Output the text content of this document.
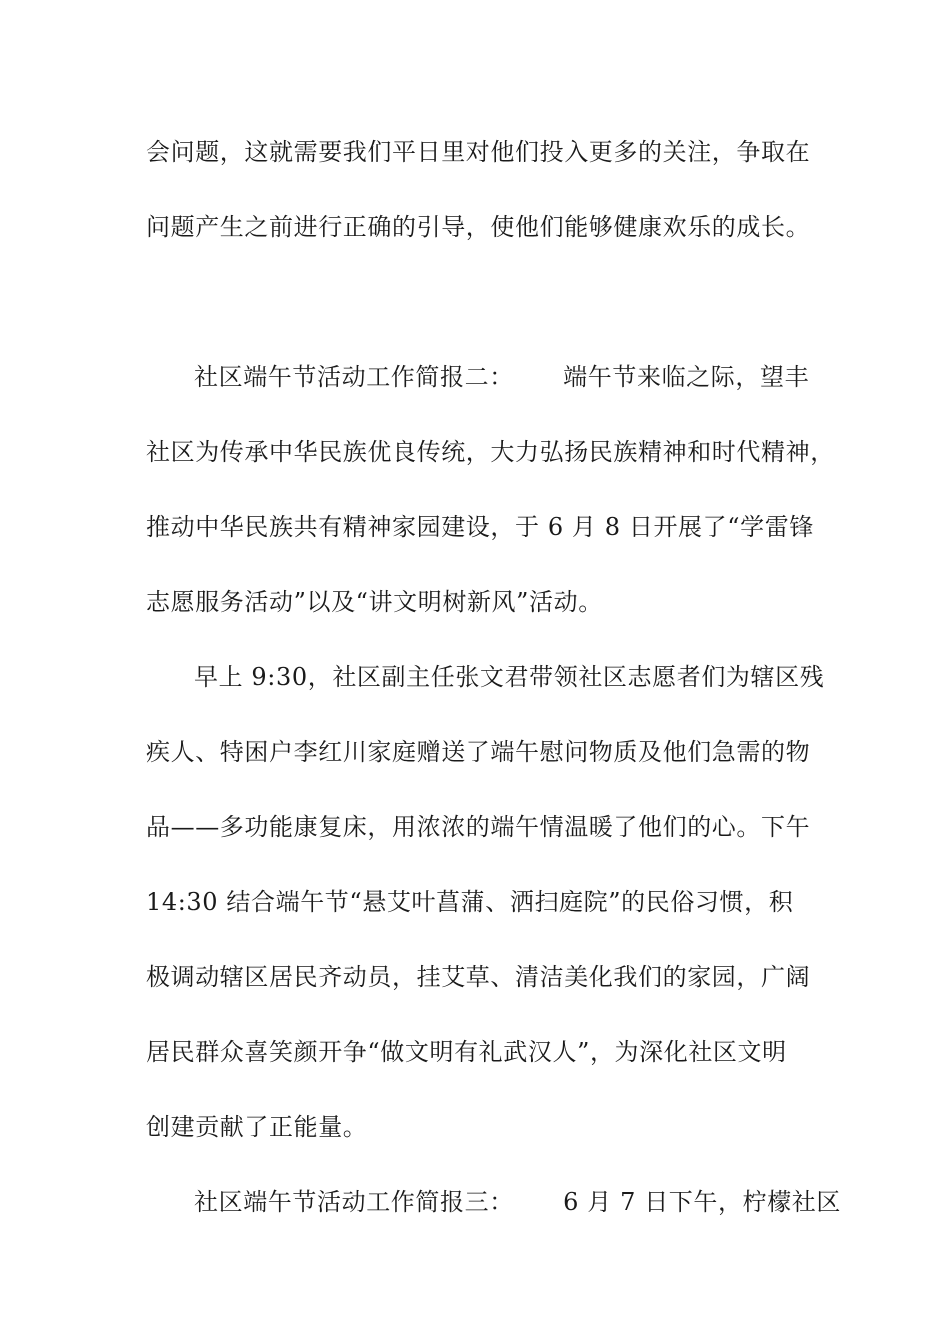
会问题，这就需要我们平日里对他们投入更多的关注，争取在
问题产生之前进行正确的引导，使他们能够健康欢乐的成长。
社区端午节活动工作简报二：      端午节来临之际，望丰
社区为传承中华民族优良传统，大力弘扬民族精神和时代精神，
推动中华民族共有精神家园建设，于 6 月 8 日开展了“学雷锋
志愿服务活动”以及“讲文明树新风”活动。
早上 9:30，社区副主任张文君带领社区志愿者们为辖区残
疾人、特困户李红川家庭赠送了端午慰问物质及他们急需的物
品——多功能康复床，用浓浓的端午情温暖了他们的心。下午
14:30 结合端午节“悬艾叶菖蒲、洒扫庭院”的民俗习惯，积
极调动辖区居民齐动员，挂艾草、清洁美化我们的家园，广阔
居民群众喜笑颜开争“做文明有礼武汉人”，为深化社区文明
创建贡献了正能量。
社区端午节活动工作简报三：      6 月 7 日下午，柠檬社区
